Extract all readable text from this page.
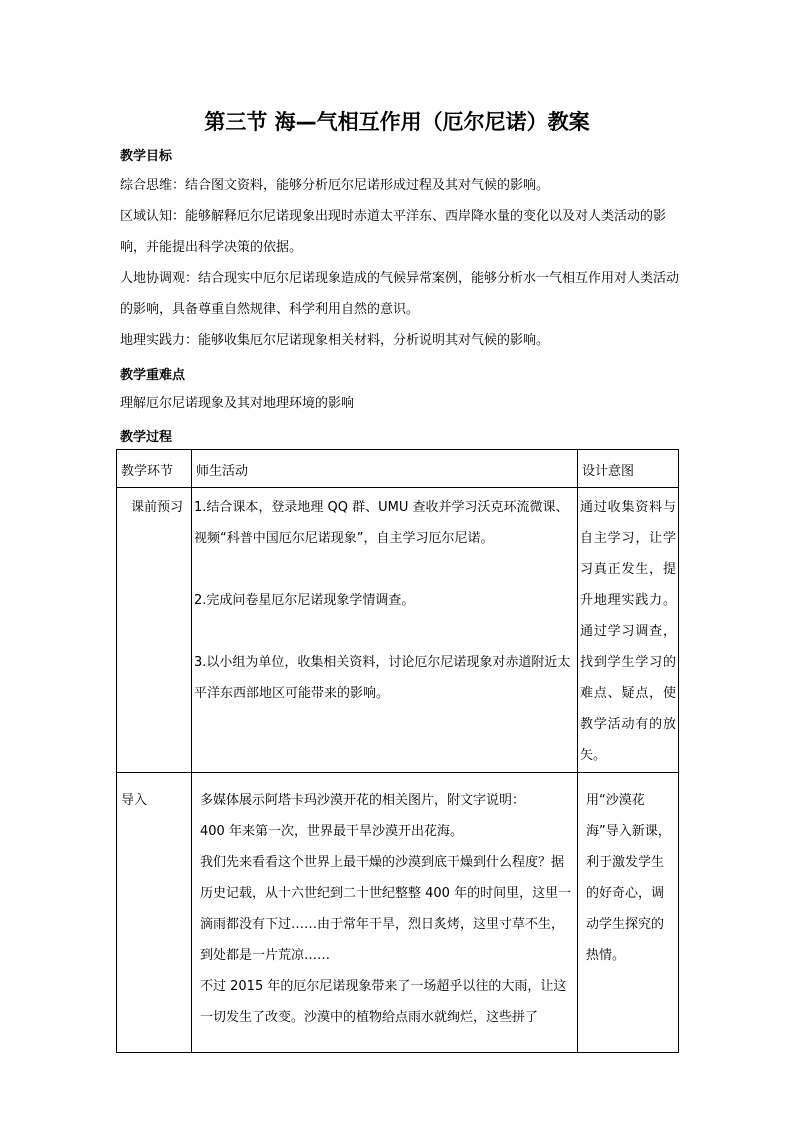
第三节 海—气相互作用（厄尔尼诺）教案
教学目标
综合思维：结合图文资料，能够分析厄尔尼诺形成过程及其对气候的影响。
区域认知：能够解释厄尔尼诺现象出现时赤道太平洋东、西岸降水量的变化以及对人类活动的影响，并能提出科学决策的依据。
人地协调观：结合现实中厄尔尼诺现象造成的气候异常案例，能够分析水一气相互作用对人类活动的影响，具备尊重自然规律、科学利用自然的意识。
地理实践力：能够收集厄尔尼诺现象相关材料，分析说明其对气候的影响。
教学重难点
理解厄尔尼诺现象及其对地理环境的影响
教学过程
教学环节	师生活动	设计意图

课前预习	1.结合课本，登录地理 QQ 群、UMU 查收并学习沃克环流微课、视频“科普中国厄尔尼诺现象”，自主学习厄尔尼诺。
2.完成问卷星厄尔尼诺现象学情调查。
3.以小组为单位，收集相关资料，讨论厄尔尼诺现象对赤道附近太平洋东西部地区可能带来的影响。	通过收集资料与自主学习，让学习真正发生，提升地理实践力。通过学习调查，找到学生学习的难点、疑点，使教学活动有的放矢。

导入	多媒体展示阿塔卡玛沙漠开花的相关图片，附文字说明：
400 年来第一次，世界最干旱沙漠开出花海。
我们先来看看这个世界上最干燥的沙漠到底干燥到什么程度？据历史记载，从十六世纪到二十世纪整整 400 年的时间里，这里一滴雨都没有下过……由于常年干旱，烈日炙烤，这里寸草不生，到处都是一片荒凉……
不过 2015 年的厄尔尼诺现象带来了一场超乎以往的大雨，让这一切发生了改变。沙漠中的植物给点雨水就绚烂，这些拼了	用“沙漠花海”导入新课，利于激发学生的好奇心，调动学生探究的热情。
